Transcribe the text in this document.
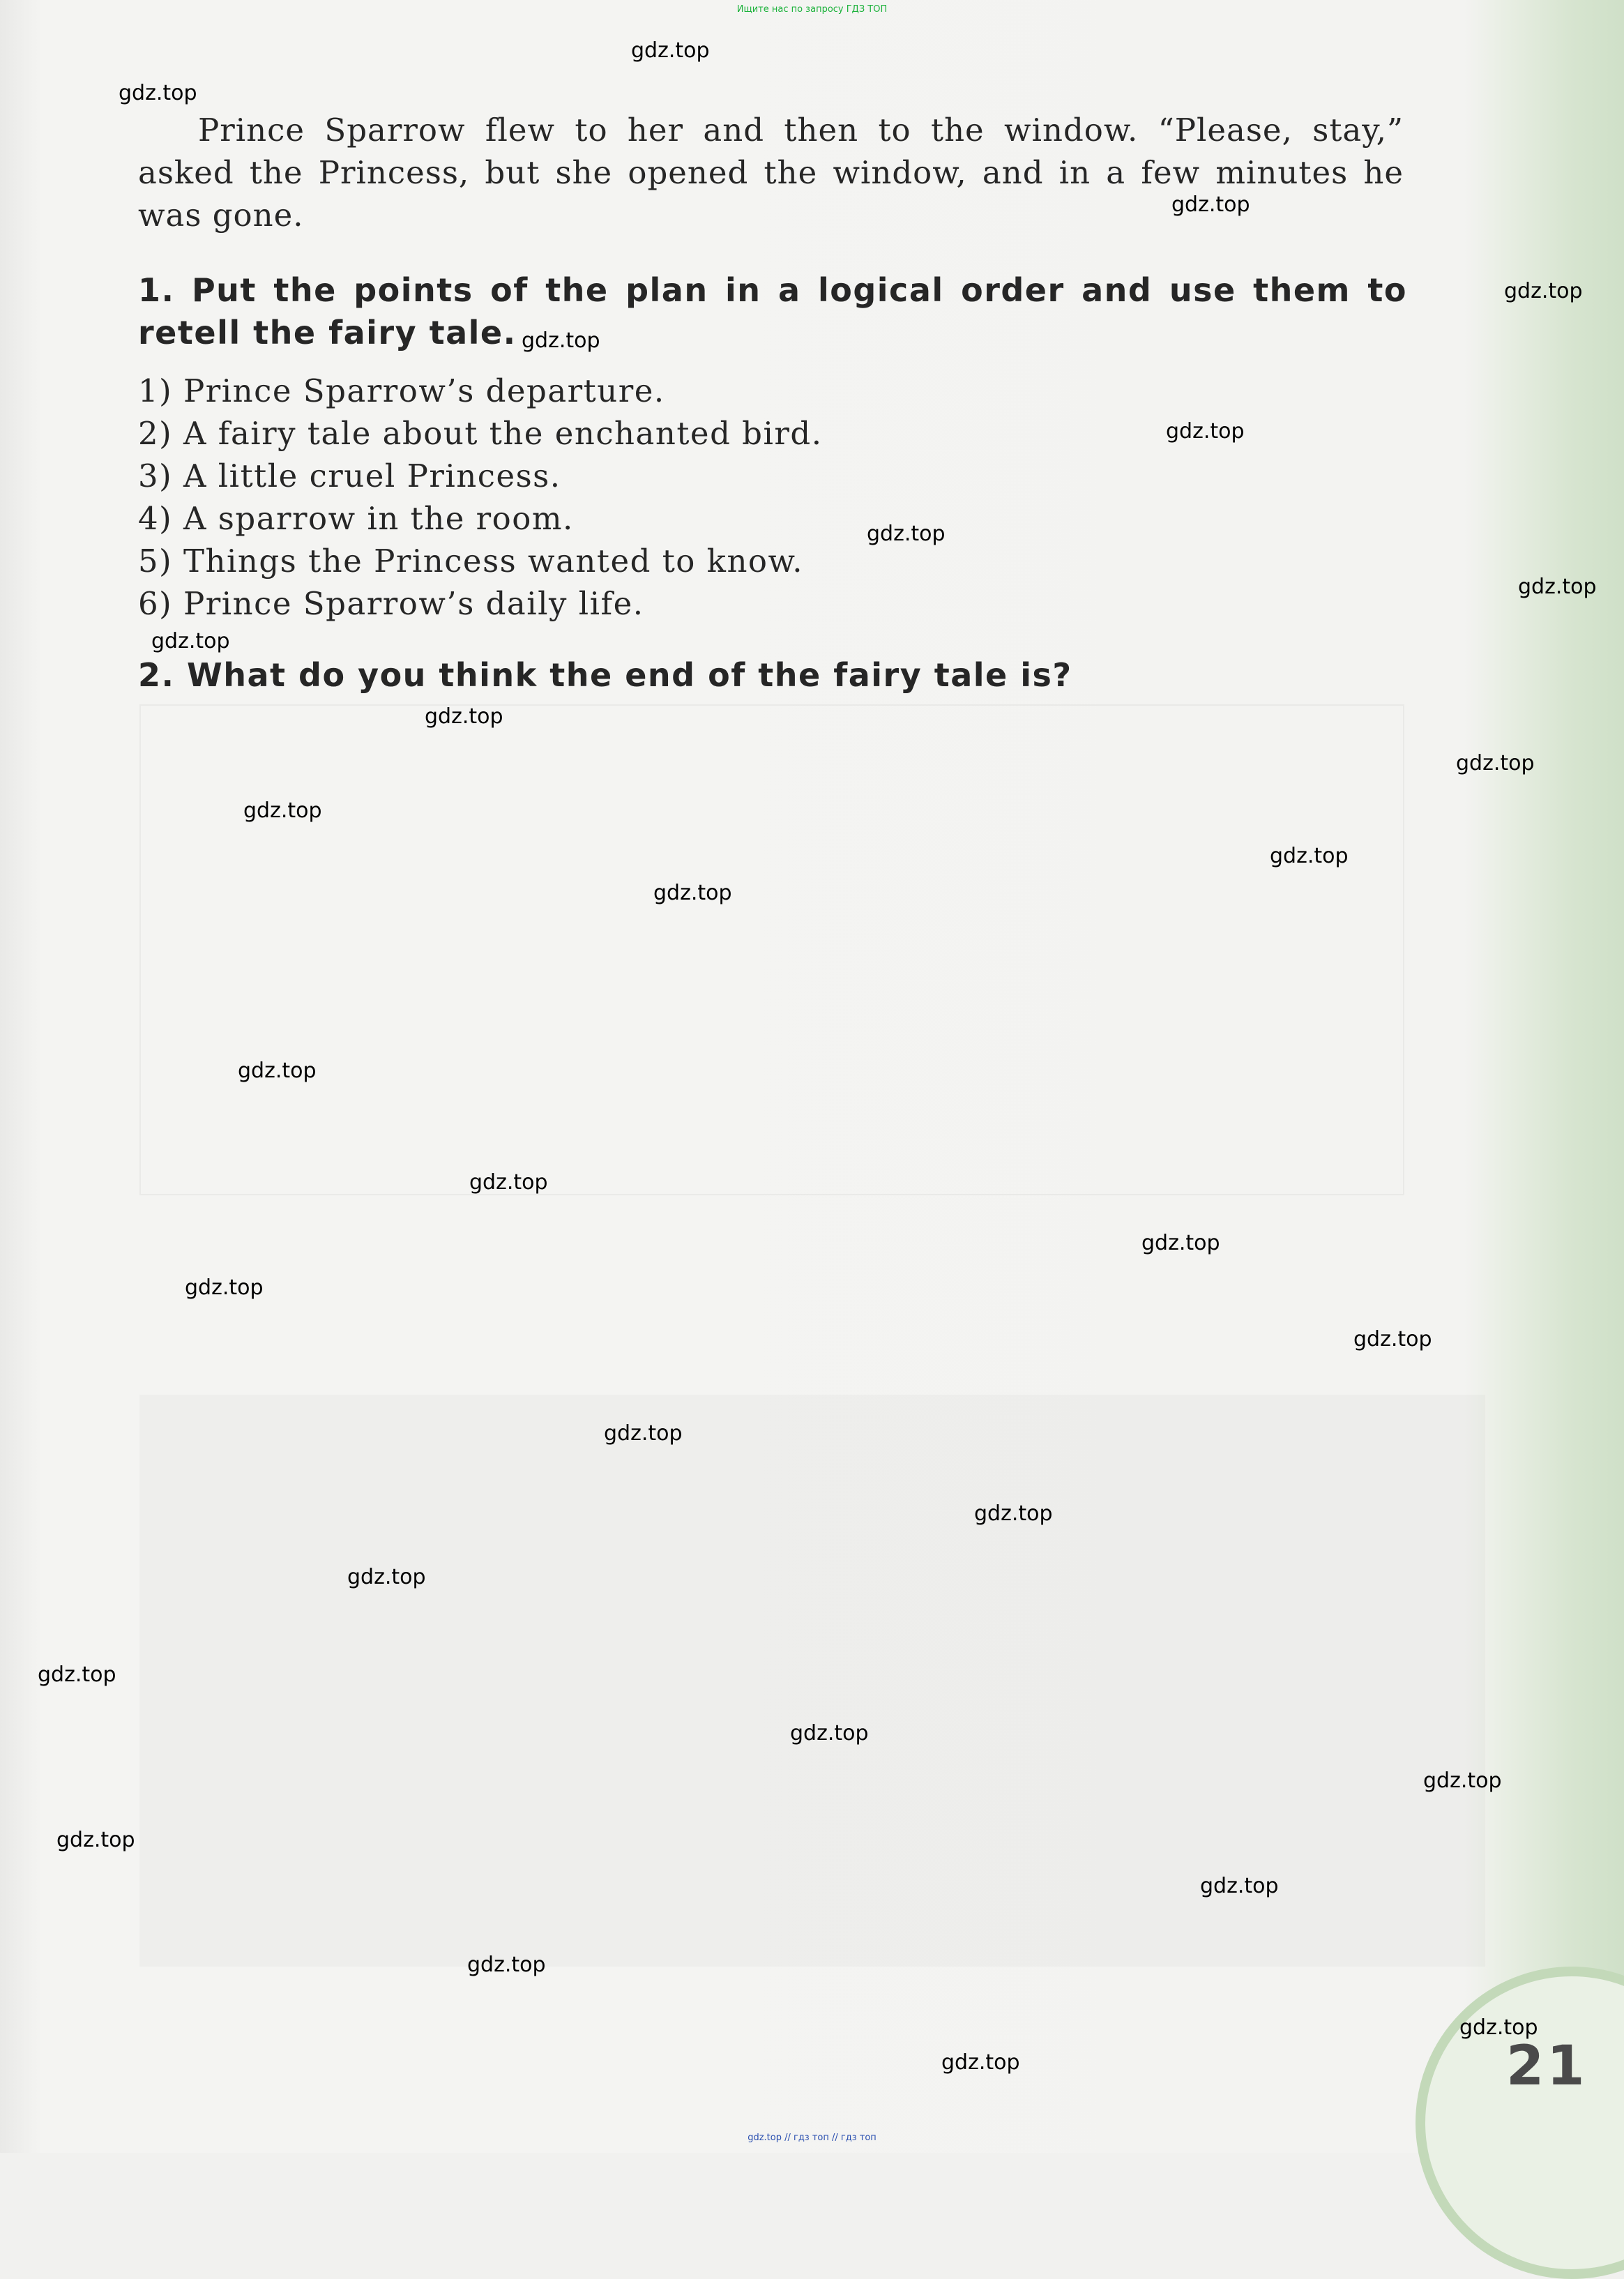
Ищите нас по запросу ГДЗ ТОП

Prince Sparrow flew to her and then to the window. “Please, stay,” asked the Princess, but she opened the window, and in a few minutes he was gone.

1. Put the points of the plan in a logical order and use them to retell the fairy tale.

1) Prince Sparrow’s departure.
2) A fairy tale about the enchanted bird.
3) A little cruel Princess.
4) A sparrow in the room.
5) Things the Princess wanted to know.
6) Prince Sparrow’s daily life.

2. What do you think the end of the fairy tale is?

21
gdz.top
gdz.top
gdz.top
gdz.top
gdz.top
gdz.top
gdz.top
gdz.top
gdz.top
gdz.top
gdz.top
gdz.top
gdz.top
gdz.top
gdz.top
gdz.top
gdz.top
gdz.top
gdz.top
gdz.top
gdz.top
gdz.top
gdz.top
gdz.top
gdz.top
gdz.top
gdz.top
gdz.top
gdz.top
gdz.top
gdz.top // гдз топ // гдз топ
